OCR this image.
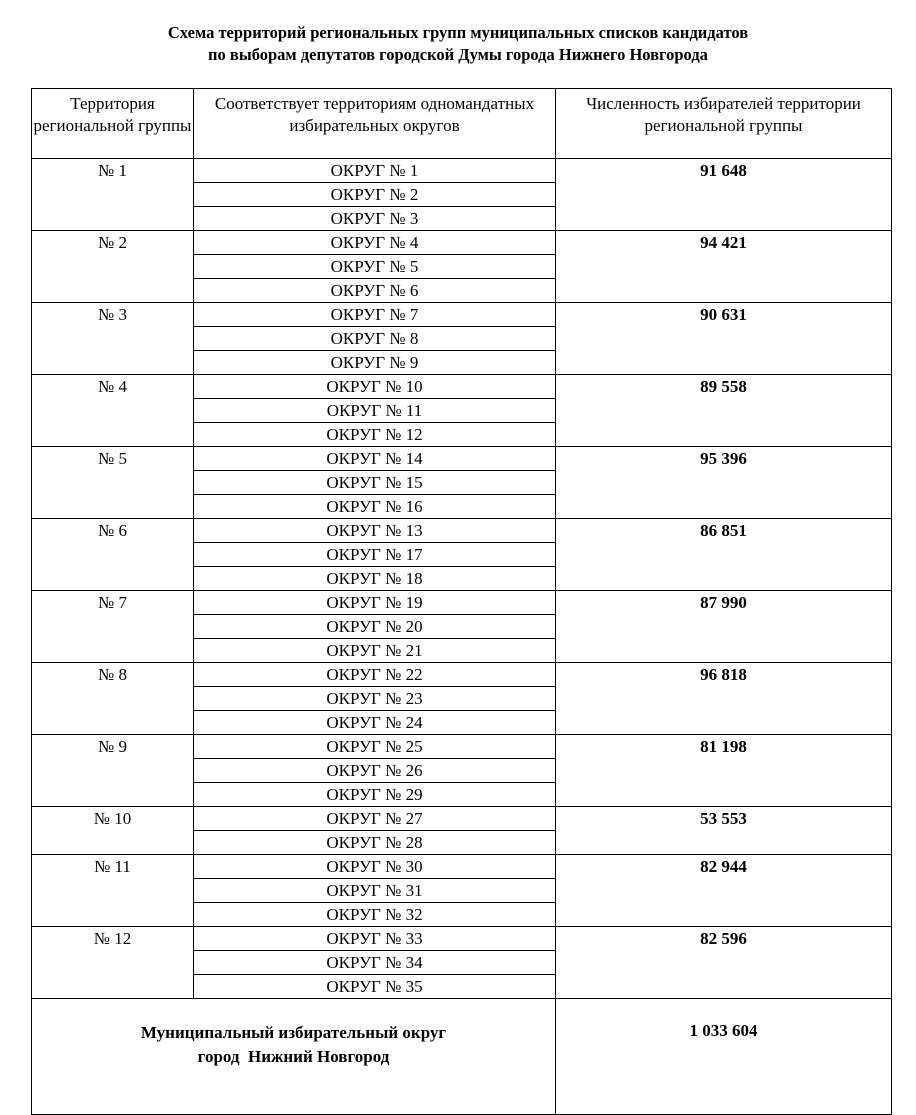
Схема территорий региональных групп муниципальных списков кандидатов
по выборам депутатов городской Думы города Нижнего Новгорода
Территория региональной группы	Соответствует территориям одномандатных избирательных округов	Численность избирателей территории региональной группы
№ 1	ОКРУГ № 1	91 648
	ОКРУГ № 2	
	ОКРУГ № 3	
№ 2	ОКРУГ № 4	94 421
	ОКРУГ № 5	
	ОКРУГ № 6	
№ 3	ОКРУГ № 7	90 631
	ОКРУГ № 8	
	ОКРУГ № 9	
№ 4	ОКРУГ № 10	89 558
	ОКРУГ № 11	
	ОКРУГ № 12	
№ 5	ОКРУГ № 14	95 396
	ОКРУГ № 15	
	ОКРУГ № 16	
№ 6	ОКРУГ № 13	86 851
	ОКРУГ № 17	
	ОКРУГ № 18	
№ 7	ОКРУГ № 19	87 990
	ОКРУГ № 20	
	ОКРУГ № 21	
№ 8	ОКРУГ № 22	96 818
	ОКРУГ № 23	
	ОКРУГ № 24	
№ 9	ОКРУГ № 25	81 198
	ОКРУГ № 26	
	ОКРУГ № 29	
№ 10	ОКРУГ № 27	53 553
	ОКРУГ № 28	
№ 11	ОКРУГ № 30	82 944
	ОКРУГ № 31	
	ОКРУГ № 32	
№ 12	ОКРУГ № 33	82 596
	ОКРУГ № 34	
	ОКРУГ № 35	

Муниципальный избирательный округ
город  Нижний Новгород		1 033 604
